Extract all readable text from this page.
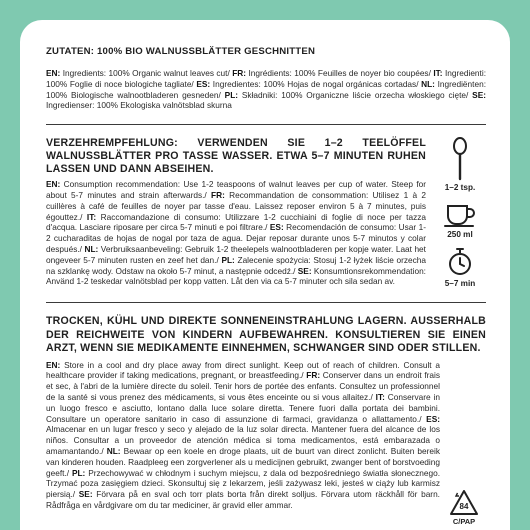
ZUTATEN: 100% BIO WALNUSSBLÄTTER GESCHNITTEN
EN: Ingredients: 100% Organic walnut leaves cut/ FR: Ingrédients: 100% Feuilles de noyer bio coupées/ IT: Ingredienti: 100% Foglie di noce biologiche tagliate/ ES: Ingredientes: 100% Hojas de nogal orgánicas cortadas/ NL: Ingrediënten: 100% Biologische walnootbladeren gesneden/ PL: Składniki: 100% Organiczne liście orzecha włoskiego cięte/ SE: Ingredienser: 100% Ekologiska valnötsblad skurna
VERZEHREMPFEHLUNG: VERWENDEN SIE 1–2 TEELÖFFEL WALNUSSBLÄTTER PRO TASSE WASSER. ETWA 5–7 MINUTEN RUHEN LASSEN UND DANN ABSEIHEN.
EN: Consumption recommendation: Use 1-2 teaspoons of walnut leaves per cup of water. Steep for about 5-7 minutes and strain afterwards./ FR: Recommandation de consommation: Utilisez 1 à 2 cuillères à café de feuilles de noyer par tasse d'eau. Laissez reposer environ 5 à 7 minutes, puis égouttez./ IT: Raccomandazione di consumo: Utilizzare 1-2 cucchiaini di foglie di noce per tazza d'acqua. Lasciare riposare per circa 5-7 minuti e poi filtrare./ ES: Recomendación de consumo: Usar 1-2 cucharaditas de hojas de nogal por taza de agua. Dejar reposar durante unos 5-7 minutos y colar después./ NL: Verbruiksaanbeveling: Gebruik 1-2 theelepels walnootbladeren per kopje water. Laat het ongeveer 5-7 minuten rusten en zeef het dan./ PL: Zalecenie spożycia: Stosuj 1-2 łyżek liście orzecha na szklankę wody. Odstaw na około 5-7 minut, a następnie odcedź./ SE: Konsumtionsrekommendation: Använd 1-2 teskedar valnötsblad per kopp vatten. Låt den via ca 5-7 minuter och sila sedan av.
1–2 tsp.
250 ml
5–7 min
TROCKEN, KÜHL UND DIREKTE SONNENEINSTRAHLUNG LAGERN. AUSSERHALB DER REICHWEITE VON KINDERN AUFBEWAHREN. KONSULTIEREN SIE EINEN ARZT, WENN SIE MEDIKAMENTE EINNEHMEN, SCHWANGER SIND ODER STILLEN.
EN: Store in a cool and dry place away from direct sunlight. Keep out of reach of children. Consult a healthcare provider if taking medications, pregnant, or breastfeeding./ FR: Conserver dans un endroit frais et sec, à l'abri de la lumière directe du soleil. Tenir hors de portée des enfants. Consultez un professionnel de la santé si vous prenez des médicaments, si vous êtes enceinte ou si vous allaitez./ IT: Conservare in un luogo fresco e asciutto, lontano dalla luce solare diretta. Tenere fuori dalla portata dei bambini. Consultare un operatore sanitario in caso di assunzione di farmaci, gravidanza o allattamento./ ES: Almacenar en un lugar fresco y seco y alejado de la luz solar directa. Mantener fuera del alcance de los niños. Consultar a un proveedor de atención médica si toma medicamentos, está embarazada o amamantando./ NL: Bewaar op een koele en droge plaats, uit de buurt van direct zonlicht. Buiten bereik van kinderen houden. Raadpleeg een zorgverlener als u medicijnen gebruikt, zwanger bent of borstvoeding geeft./ PL: Przechowywać w chłodnym i suchym miejscu, z dala od bezpośredniego światła słonecznego. Trzymać poza zasięgiem dzieci. Skonsultuj się z lekarzem, jeśli zażywasz leki, jesteś w ciąży lub karmisz piersią./ SE: Förvara på en sval och torr plats borta från direkt solljus. Förvara utom räckhåll för barn. Rådfråga en vårdgivare om du tar mediciner, är gravid eller ammar.	84
C/PAP
